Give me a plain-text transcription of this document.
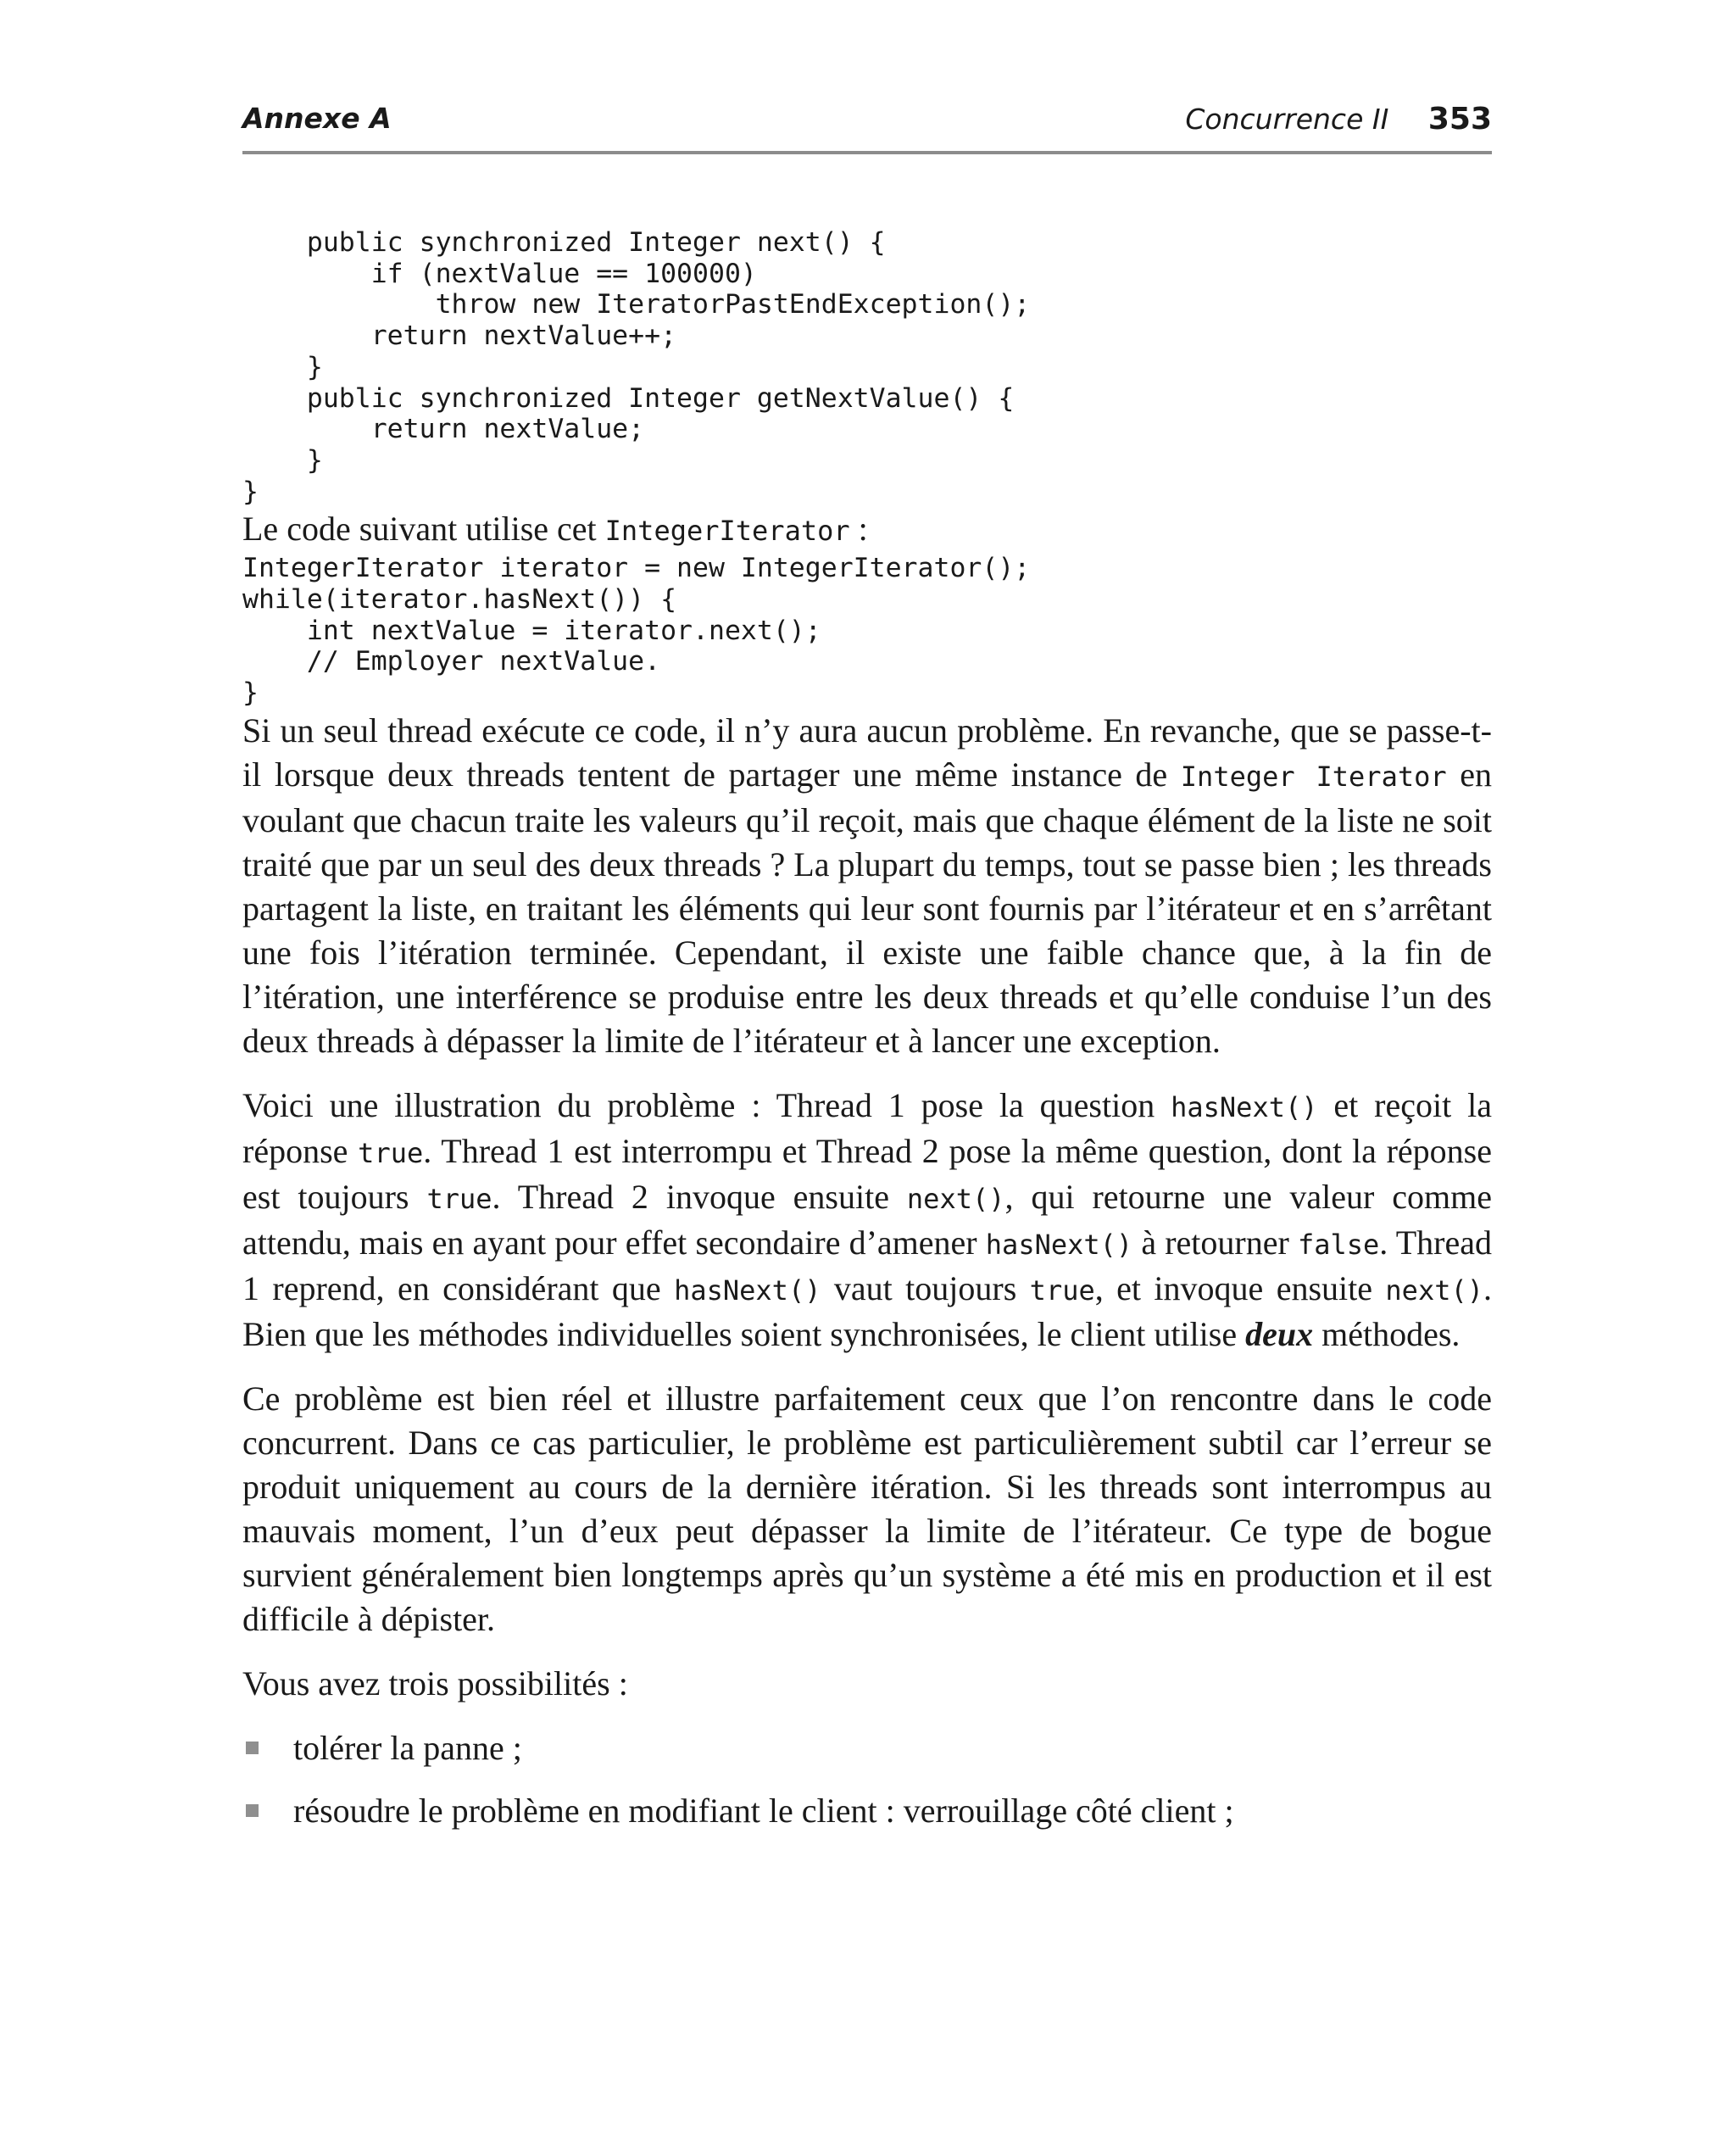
Annexe A	Concurrence II 353
public synchronized Integer next() {
if (nextValue == 100000)
throw new IteratorPastEndException();
return nextValue++;
}
public synchronized Integer getNextValue() {
return nextValue;
}
}

Le code suivant utilise cet IntegerIterator :

IntegerIterator iterator = new IntegerIterator();
while(iterator.hasNext()) {
int nextValue = iterator.next();
// Employer nextValue.
}

Si un seul thread exécute ce code, il n’y aura aucun problème. En revanche, que se passe-t-il lorsque deux threads tentent de partager une même instance de Integer Iterator en voulant que chacun traite les valeurs qu’il reçoit, mais que chaque élément de la liste ne soit traité que par un seul des deux threads ? La plupart du temps, tout se passe bien ; les threads partagent la liste, en traitant les éléments qui leur sont fournis par l’itérateur et en s’arrêtant une fois l’itération terminée. Cependant, il existe une faible chance que, à la fin de l’itération, une interférence se produise entre les deux threads et qu’elle conduise l’un des deux threads à dépasser la limite de l’itérateur et à lancer une exception.

Voici une illustration du problème : Thread 1 pose la question hasNext() et reçoit la réponse true. Thread 1 est interrompu et Thread 2 pose la même question, dont la réponse est toujours true. Thread 2 invoque ensuite next(), qui retourne une valeur comme attendu, mais en ayant pour effet secondaire d’amener hasNext() à retourner false. Thread 1 reprend, en considérant que hasNext() vaut toujours true, et invoque ensuite next(). Bien que les méthodes individuelles soient synchronisées, le client utilise deux méthodes.

Ce problème est bien réel et illustre parfaitement ceux que l’on rencontre dans le code concurrent. Dans ce cas particulier, le problème est particulièrement subtil car l’erreur se produit uniquement au cours de la dernière itération. Si les threads sont interrompus au mauvais moment, l’un d’eux peut dépasser la limite de l’itérateur. Ce type de bogue survient généralement bien longtemps après qu’un système a été mis en production et il est difficile à dépister.

Vous avez trois possibilités :

tolérer la panne ;
résoudre le problème en modifiant le client : verrouillage côté client ;
